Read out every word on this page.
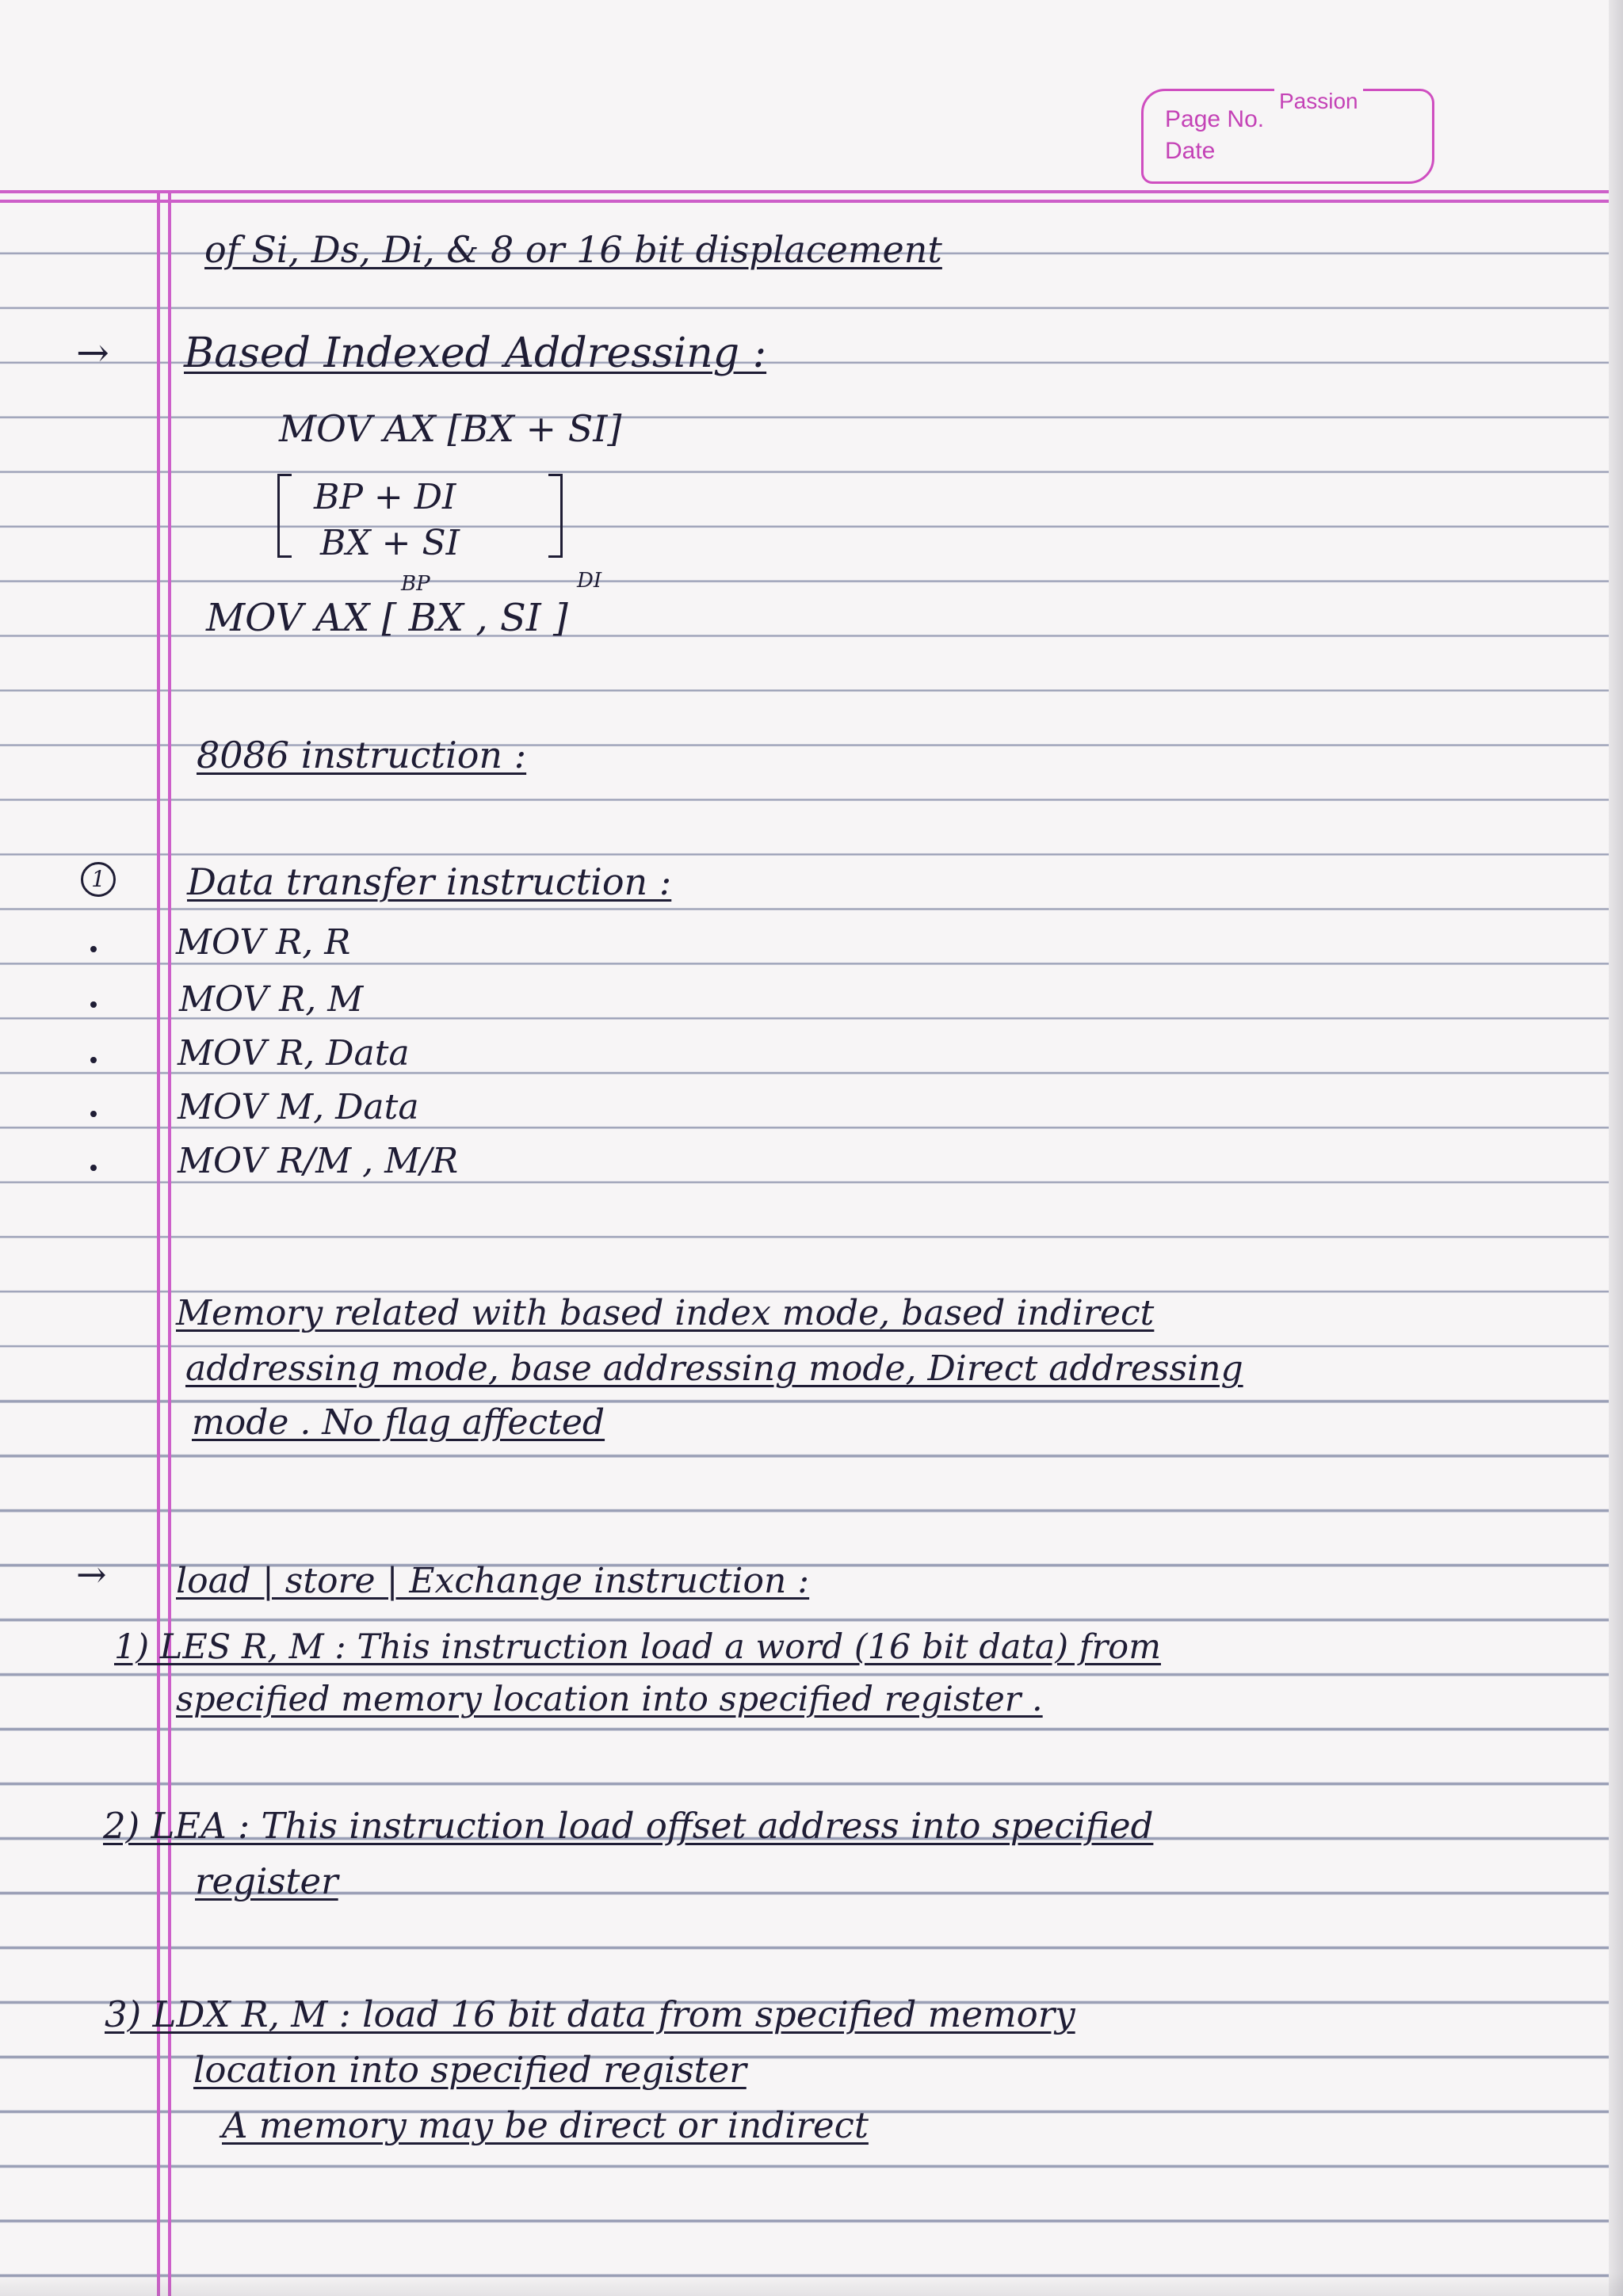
Passion
Page No.
Date
of Si, Ds, Di, & 8 or 16 bit displacement
→ Based Indexed Addressing :
MOV AX [BX + SI]
BP + DI
BX + SI
BP	DI
MOV AX [ BX , SI ]
8086 instruction :
1 Data transfer instruction :
MOV R, R
MOV R, M
MOV R, Data
MOV M, Data
MOV R/M , M/R
Memory related with based index mode, based indirect
addressing mode, base addressing mode, Direct addressing
mode . No flag affected
→ load | store | Exchange instruction :
1) LES R, M : This instruction load a word (16 bit data) from
specified memory location into specified register .
2) LEA : This instruction load offset address into specified
register
3) LDX R, M : load 16 bit data from specified memory
location into specified register
A memory may be direct or indirect
